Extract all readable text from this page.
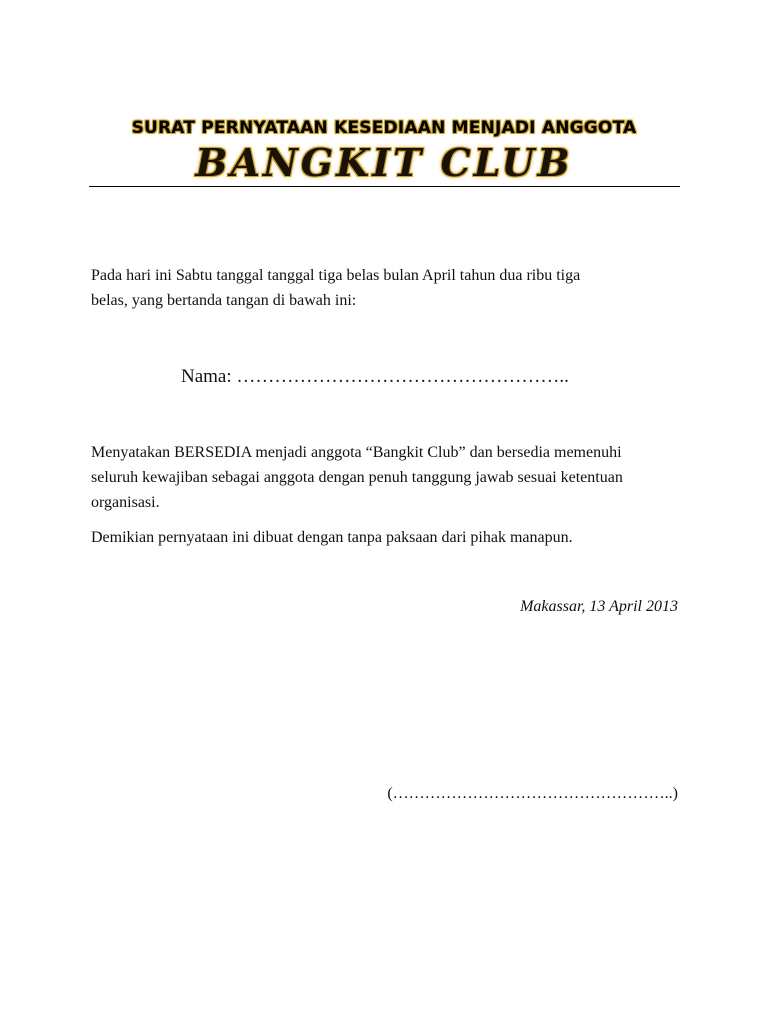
SURAT PERNYATAAN KESEDIAAN MENJADI ANGGOTA
BANGKIT CLUB
Pada hari ini Sabtu tanggal tanggal tiga belas bulan April tahun dua ribu tiga
belas, yang bertanda tangan di bawah ini:
Nama: ……………………………………………..
Menyatakan BERSEDIA menjadi anggota “Bangkit Club” dan bersedia memenuhi
seluruh kewajiban sebagai anggota dengan penuh tanggung jawab sesuai ketentuan
organisasi.
Demikian pernyataan ini dibuat dengan tanpa paksaan dari pihak manapun.
Makassar, 13 April 2013
(……………………………………………..)
